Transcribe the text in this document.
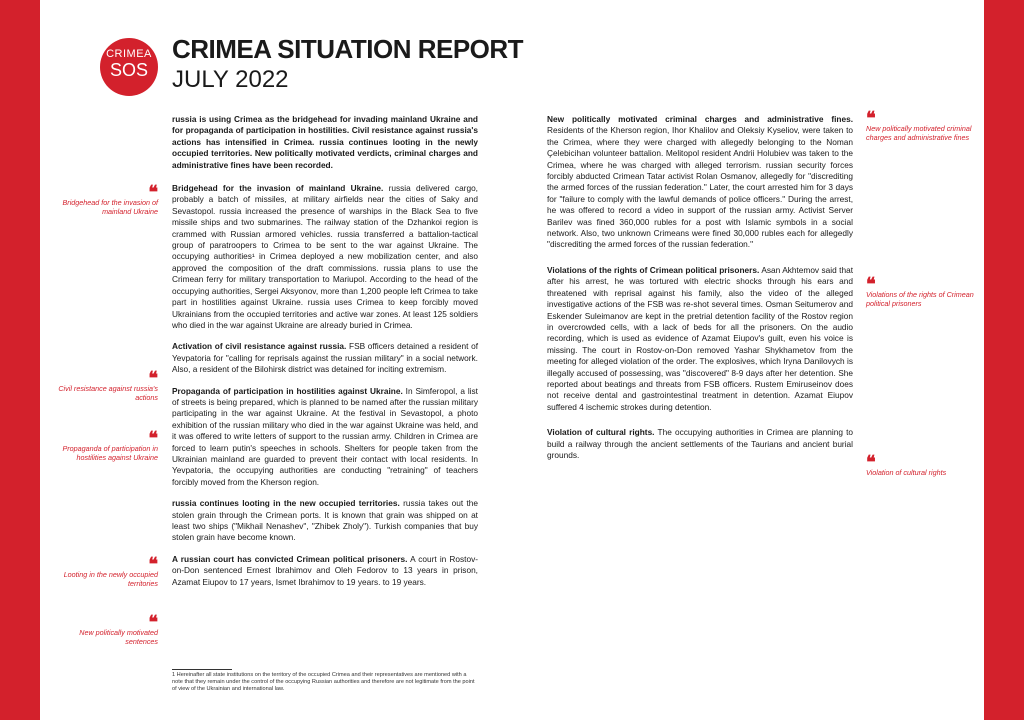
CRIMEA
SOS
CRIMEA SITUATION REPORT
JULY 2022

russia is using Crimea as the bridgehead for invading mainland Ukraine and for propaganda of participation in hostilities. Civil resistance against russia's actions has intensified in Crimea. russia continues looting in the newly occupied territories. New politically motivated verdicts, criminal charges and administrative fines have been recorded.

Bridgehead for the invasion of mainland Ukraine. russia delivered cargo, probably a batch of missiles, at military airfields near the cities of Saky and Sevastopol. russia increased the presence of warships in the Black Sea to five missile ships and two submarines. The railway station of the Dzhankoi region is crammed with Russian armored vehicles. russia transferred a battalion-tactical group of paratroopers to Crimea to be sent to the war against Ukraine. The occupying authorities¹ in Crimea deployed a new mobilization center, and also approved the composition of the draft commissions. russia plans to use the Crimean ferry for military transportation to Mariupol. According to the head of the occupying authorities, Sergei Aksyonov, more than 1,200 people left Crimea to take part in hostilities against Ukraine. russia uses Crimea to keep forcibly moved Ukrainians from the occupied territories and active war zones. At least 125 soldiers who died in the war against Ukraine are already buried in Crimea.

Activation of civil resistance against russia. FSB officers detained a resident of Yevpatoria for "calling for reprisals against the russian military" in a social network. Also, a resident of the Bilohirsk district was detained for inciting extremism.

Propaganda of participation in hostilities against Ukraine. In Simferopol, a list of streets is being prepared, which is planned to be named after the russian military participating in the war against Ukraine. At the festival in Sevastopol, a photo exhibition of the russian military who died in the war against Ukraine was held, and it was offered to write letters of support to the russian army. Children in Crimea are forced to learn putin's speeches in schools. Shelters for people taken from the Ukrainian mainland are guarded to prevent their contact with local residents. In Yevpatoria, the occupying authorities are conducting "retraining" of teachers forcibly moved from the Kherson region.

russia continues looting in the new occupied territories. russia takes out the stolen grain through the Crimean ports. It is known that grain was shipped on at least two ships ("Mikhail Nenashev", "Zhibek Zholy"). Turkish companies that buy stolen grain have become known.

A russian court has convicted Crimean political prisoners. A court in Rostov-on-Don sentenced Ernest Ibrahimov and Oleh Fedorov to 13 years in prison, Azamat Eiupov to 17 years, Ismet Ibrahimov to 19 years. to 19 years.

New politically motivated criminal charges and administrative fines. Residents of the Kherson region, Ihor Khalilov and Oleksiy Kyseliov, were taken to the Crimea, where they were charged with allegedly belonging to the Noman Çelebicihan volunteer battalion. Melitopol resident Andrii Holubiev was taken to the Crimea, where he was charged with alleged terrorism. russian security forces forcibly abducted Crimean Tatar activist Rolan Osmanov, allegedly for "discrediting the armed forces of the russian federation." Later, the court arrested him for 3 days for "failure to comply with the lawful demands of police officers." During the arrest, he was offered to record a video in support of the russian army. Activist Server Barilev was fined 360,000 rubles for a post with Islamic symbols in a social network. Also, two unknown Crimeans were fined 30,000 rubles each for allegedly "discrediting the armed forces of the russian federation."

Violations of the rights of Crimean political prisoners. Asan Akhtemov said that after his arrest, he was tortured with electric shocks through his ears and threatened with reprisal against his family, also the video of the alleged investigative actions of the FSB was re-shot several times. Osman Seitumerov and Eskender Suleimanov are kept in the pretrial detention facility of the Rostov region in overcrowded cells, with a lack of beds for all the prisoners. On the audio recording, which is used as evidence of Azamat Eiupov's guilt, even his voice is missing. The court in Rostov-on-Don removed Yashar Shykhametov from the meeting for alleged violation of the order. The explosives, which Iryna Danilovych is illegally accused of possessing, was "discovered" 8-9 days after her detention. She reported about beatings and threats from FSB officers. Rustem Emiruseinov does not receive dental and gastrointestinal treatment in detention. Azamat Eiupov suffered 4 ischemic strokes during detention.

Violation of cultural rights. The occupying authorities in Crimea are planning to build a railway through the ancient settlements of the Taurians and ancient burial grounds.

❝
Bridgehead for the invasion of mainland Ukraine
❝
Civil resistance against russia's actions
❝
Propaganda of participation in hostilities against Ukraine
❝
Looting in the newly occupied territories
❝
New politically motivated sentences
❝
New politically motivated criminal charges and administrative fines
❝
Violations of the rights of Crimean political prisoners
❝
Violation of cultural rights
1 Hereinafter all state institutions on the territory of the occupied Crimea and their representatives are mentioned with a note that they remain under the control of the occupying Russian authorities and therefore are not legitimate from the point of view of the Ukrainian and international law.
